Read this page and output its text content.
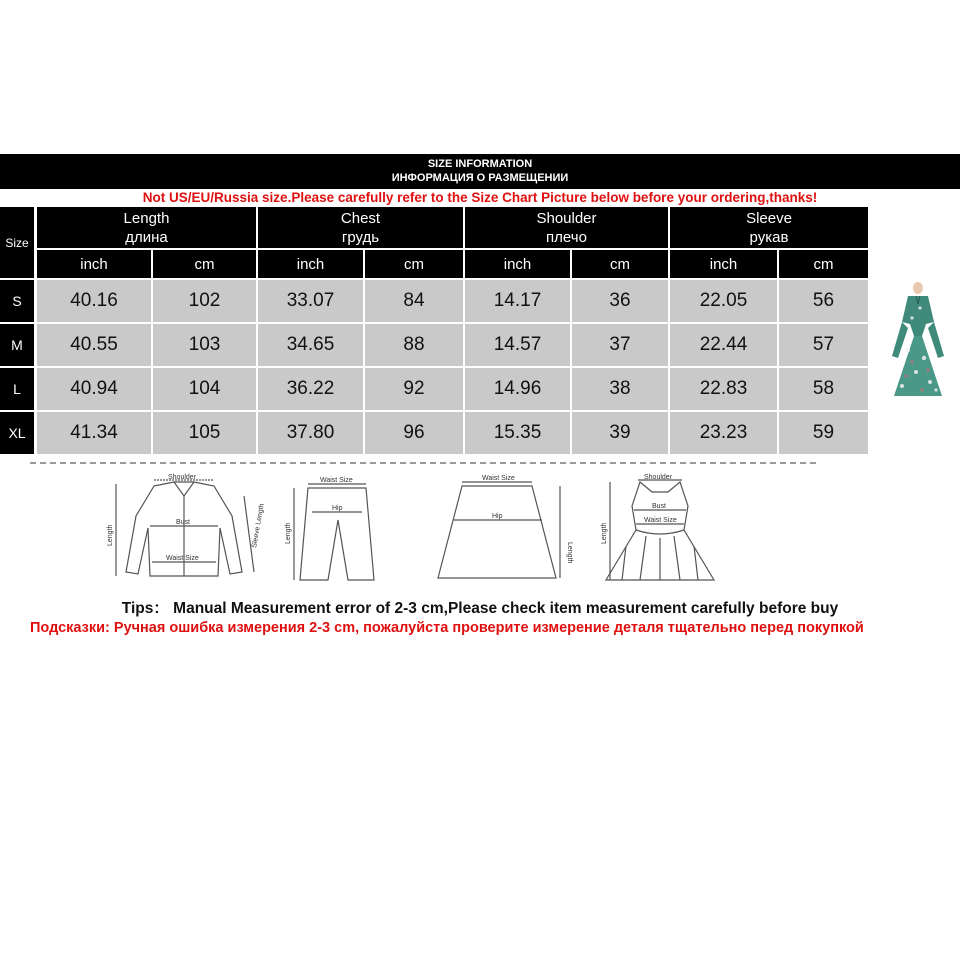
SIZE INFORMATION
ИНФОРМАЦИЯ О РАЗМЕЩЕНИИ
Not US/EU/Russia size.Please carefully refer to the Size Chart Picture below before your ordering,thanks!
Size
Length
длина
Chest
грудь
Shoulder
плечо
Sleeve
рукав
inch	cm	inch	cm	inch	cm	inch	cm
S	40.16	102	33.07	84	14.17	36	22.05	56
M	40.55	103	34.65	88	14.57	37	22.44	57
L	40.94	104	36.22	92	14.96	38	22.83	58
XL	41.34	105	37.80	96	15.35	39	23.23	59
Shoulder
Bust
Waist Size
Length	Sleeve Length
Waist Size
Hip
Length
Waist Size
Hip
Length
Shoulder
Bust
Waist Size
Length
Tips： Manual Measurement error of 2-3 cm,Please check item measurement carefully before buy
Подсказки: Ручная ошибка измерения 2-3 cm, пожалуйста проверите измерение деталя тщательно перед покупкой
